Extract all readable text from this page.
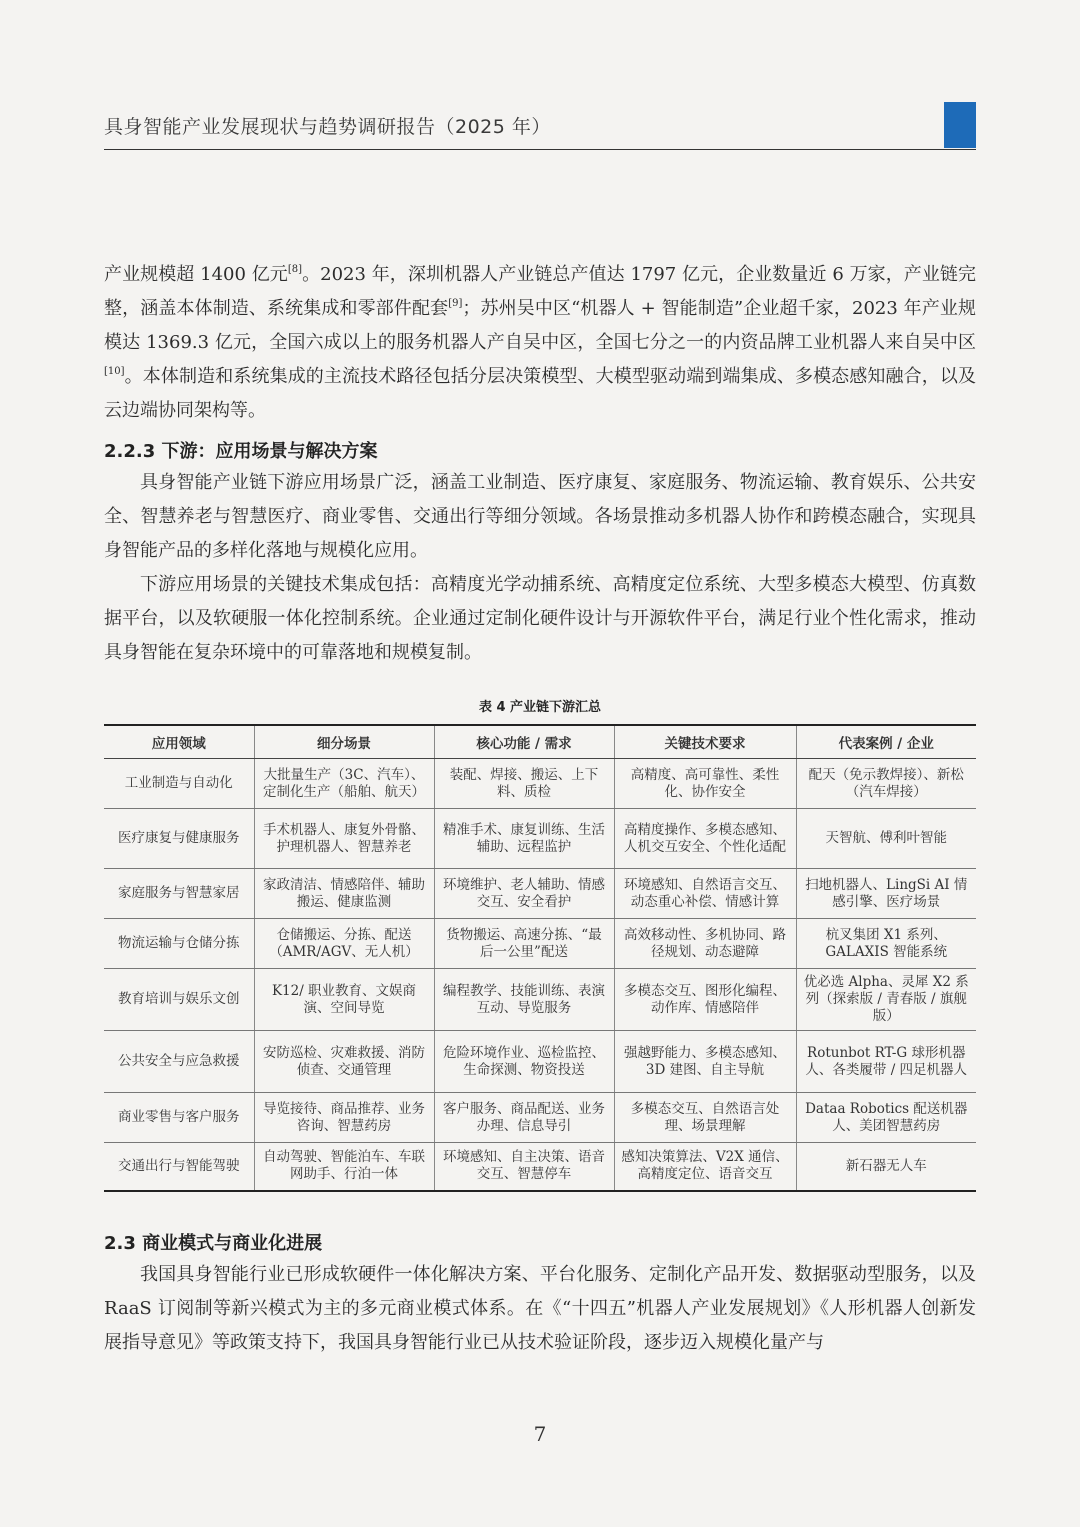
具身智能产业发展现状与趋势调研报告（2025 年）

产业规模超 1400 亿元[8]。2023 年，深圳机器人产业链总产值达 1797 亿元，企业数量近 6 万家，产业链完整，涵盖本体制造、系统集成和零部件配套[9]；苏州吴中区“机器人 + 智能制造”企业超千家，2023 年产业规模达 1369.3 亿元，全国六成以上的服务机器人产自吴中区，全国七分之一的内资品牌工业机器人来自吴中区[10]。本体制造和系统集成的主流技术路径包括分层决策模型、大模型驱动端到端集成、多模态感知融合，以及云边端协同架构等。

2.2.3 下游：应用场景与解决方案

具身智能产业链下游应用场景广泛，涵盖工业制造、医疗康复、家庭服务、物流运输、教育娱乐、公共安全、智慧养老与智慧医疗、商业零售、交通出行等细分领域。各场景推动多机器人协作和跨模态融合，实现具身智能产品的多样化落地与规模化应用。

下游应用场景的关键技术集成包括：高精度光学动捕系统、高精度定位系统、大型多模态大模型、仿真数据平台，以及软硬服一体化控制系统。企业通过定制化硬件设计与开源软件平台，满足行业个性化需求，推动具身智能在复杂环境中的可靠落地和规模复制。

表 4 产业链下游汇总
应用领域	细分场景	核心功能 / 需求	关键技术要求	代表案例 / 企业
工业制造与自动化	大批量生产（3C、汽车）、定制化生产（船舶、航天）	装配、焊接、搬运、上下料、质检	高精度、高可靠性、柔性化、协作安全	配天（免示教焊接）、新松（汽车焊接）
医疗康复与健康服务	手术机器人、康复外骨骼、护理机器人、智慧养老	精准手术、康复训练、生活辅助、远程监护	高精度操作、多模态感知、人机交互安全、个性化适配	天智航、傅利叶智能
家庭服务与智慧家居	家政清洁、情感陪伴、辅助搬运、健康监测	环境维护、老人辅助、情感交互、安全看护	环境感知、自然语言交互、动态重心补偿、情感计算	扫地机器人、LingSi AI 情感引擎、医疗场景
物流运输与仓储分拣	仓储搬运、分拣、配送（AMR/AGV、无人机）	货物搬运、高速分拣、“最后一公里”配送	高效移动性、多机协同、路径规划、动态避障	杭叉集团 X1 系列、GALAXIS 智能系统
教育培训与娱乐文创	K12/ 职业教育、文娱商演、空间导览	编程教学、技能训练、表演互动、导览服务	多模态交互、图形化编程、动作库、情感陪伴	优必选 Alpha、灵犀 X2 系列（探索版 / 青春版 / 旗舰版）
公共安全与应急救援	安防巡检、灾难救援、消防侦查、交通管理	危险环境作业、巡检监控、生命探测、物资投送	强越野能力、多模态感知、3D 建图、自主导航	Rotunbot RT-G 球形机器人、各类履带 / 四足机器人
商业零售与客户服务	导览接待、商品推荐、业务咨询、智慧药房	客户服务、商品配送、业务办理、信息导引	多模态交互、自然语言处理、场景理解	Dataa Robotics 配送机器人、美团智慧药房
交通出行与智能驾驶	自动驾驶、智能泊车、车联网助手、行泊一体	环境感知、自主决策、语音交互、智慧停车	感知决策算法、V2X 通信、高精度定位、语音交互	新石器无人车
2.3 商业模式与商业化进展

我国具身智能行业已形成软硬件一体化解决方案、平台化服务、定制化产品开发、数据驱动型服务，以及 RaaS 订阅制等新兴模式为主的多元商业模式体系。在《“十四五”机器人产业发展规划》《人形机器人创新发展指导意见》等政策支持下，我国具身智能行业已从技术验证阶段，逐步迈入规模化量产与

7
